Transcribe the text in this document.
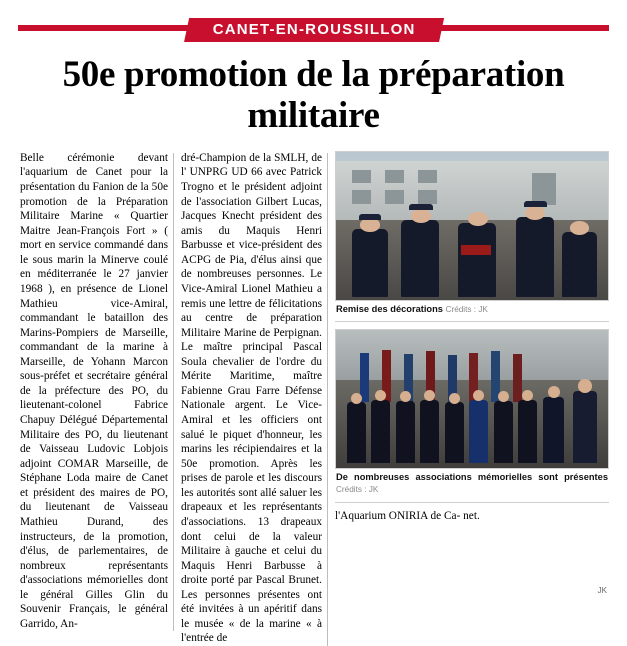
CANET-EN-ROUSSILLON
50e promotion de la préparation militaire

Belle cérémonie devant l'aquarium de Canet pour la présentation du Fanion de la 50e promotion de la Préparation Militaire Marine « Quartier Maitre Jean-François Fort » ( mort en service commandé dans le sous marin la Minerve coulé en méditerranée le 27 janvier 1968 ), en présence de Lionel Mathieu vice-Amiral, commandant le bataillon des Marins-Pompiers de Marseille, commandant de la marine à Marseille, de Yohann Marcon sous-préfet et secrétaire général de la préfecture des PO, du lieutenant-colonel Fabrice Chapuy Délégué Départemental Militaire des PO, du lieutenant de Vaisseau Ludovic Lobjois adjoint COMAR Marseille, de Stéphane Loda maire de Canet et président des maires de PO, du lieutenant de Vaisseau Mathieu Durand, des instructeurs, de la promotion, d'élus, de parlementaires, de nombreux représentants d'associations mémorielles dont le général Gilles Glin du Souvenir Français, le général Garrido, An-

dré-Champion de la SMLH, de l' UNPRG UD 66 avec Patrick Trogno et le président adjoint de l'association Gilbert Lucas, Jacques Knecht président des amis du Maquis Henri Barbusse et vice-président des ACPG de Pia, d'élus ainsi que de nombreuses personnes. Le Vice-Amiral Lionel Mathieu a remis une lettre de félicitations au centre de préparation Militaire Marine de Perpignan. Le maître principal Pascal Soula chevalier de l'ordre du Mérite Maritime, maître Fabienne Grau Farre Défense Nationale argent. Le Vice-Amiral et les officiers ont salué le piquet d'honneur, les marins les récipiendaires et la 50e promotion. Après les prises de parole et les discours les autorités sont allé saluer les drapeaux et les représentants d'associations. 13 drapeaux dont celui de la valeur Militaire à gauche et celui du Maquis Henri Barbusse à droite porté par Pascal Brunet. Les personnes présentes ont été invitées à un apéritif dans le musée « de la marine « à l'entrée de

Remise des décorations Crédits : JK
De nombreuses associations mémorielles sont présentes Crédits : JK

l'Aquarium ONIRIA de Ca- net.

JK
